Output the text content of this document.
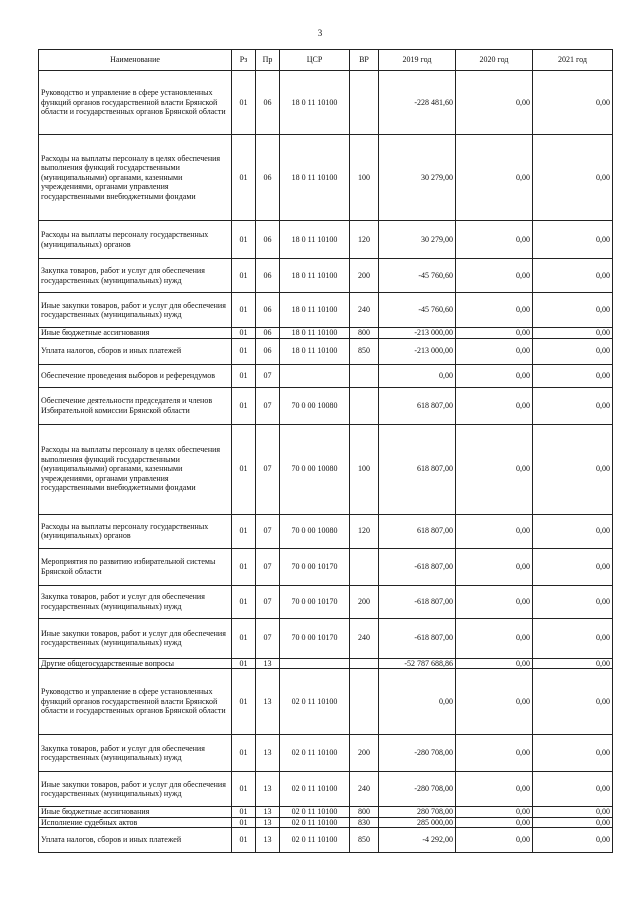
3
Наименование	Рз	Пр	ЦСР	ВР	2019 год	2020 год	2021 год
Руководство и управление в сфере установленных функций органов государственной власти Брянской области и государственных органов Брянской области	01	06	18 0 11 10100		-228 481,60	0,00	0,00
Расходы на выплаты персоналу в целях обеспечения выполнения функций государственными (муниципальными) органами, казенными учреждениями, органами управления государственными внебюджетными фондами	01	06	18 0 11 10100	100	30 279,00	0,00	0,00
Расходы на выплаты персоналу государственных (муниципальных) органов	01	06	18 0 11 10100	120	30 279,00	0,00	0,00
Закупка товаров, работ и услуг для обеспечения государственных (муниципальных) нужд	01	06	18 0 11 10100	200	-45 760,60	0,00	0,00
Иные закупки товаров, работ и услуг для обеспечения государственных (муниципальных) нужд	01	06	18 0 11 10100	240	-45 760,60	0,00	0,00
Иные бюджетные ассигнования	01	06	18 0 11 10100	800	-213 000,00	0,00	0,00
Уплата налогов, сборов и иных платежей	01	06	18 0 11 10100	850	-213 000,00	0,00	0,00
Обеспечение проведения выборов и референдумов	01	07			0,00	0,00	0,00
Обеспечение деятельности председателя и членов Избирательной комиссии Брянской области	01	07	70 0 00 10080		618 807,00	0,00	0,00
Расходы на выплаты персоналу в целях обеспечения выполнения функций государственными (муниципальными) органами, казенными учреждениями, органами управления государственными внебюджетными фондами	01	07	70 0 00 10080	100	618 807,00	0,00	0,00
Расходы на выплаты персоналу государственных (муниципальных) органов	01	07	70 0 00 10080	120	618 807,00	0,00	0,00
Мероприятия по развитию избирательной системы Брянской области	01	07	70 0 00 10170		-618 807,00	0,00	0,00
Закупка товаров, работ и услуг для обеспечения государственных (муниципальных) нужд	01	07	70 0 00 10170	200	-618 807,00	0,00	0,00
Иные закупки товаров, работ и услуг для обеспечения государственных (муниципальных) нужд	01	07	70 0 00 10170	240	-618 807,00	0,00	0,00
Другие общегосударственные вопросы	01	13			-52 787 688,86	0,00	0,00
Руководство и управление в сфере установленных функций органов государственной власти Брянской области и государственных органов Брянской области	01	13	02 0 11 10100		0,00	0,00	0,00
Закупка товаров, работ и услуг для обеспечения государственных (муниципальных) нужд	01	13	02 0 11 10100	200	-280 708,00	0,00	0,00
Иные закупки товаров, работ и услуг для обеспечения государственных (муниципальных) нужд	01	13	02 0 11 10100	240	-280 708,00	0,00	0,00
Иные бюджетные ассигнования	01	13	02 0 11 10100	800	280 708,00	0,00	0,00
Исполнение судебных актов	01	13	02 0 11 10100	830	285 000,00	0,00	0,00
Уплата налогов, сборов и иных платежей	01	13	02 0 11 10100	850	-4 292,00	0,00	0,00
